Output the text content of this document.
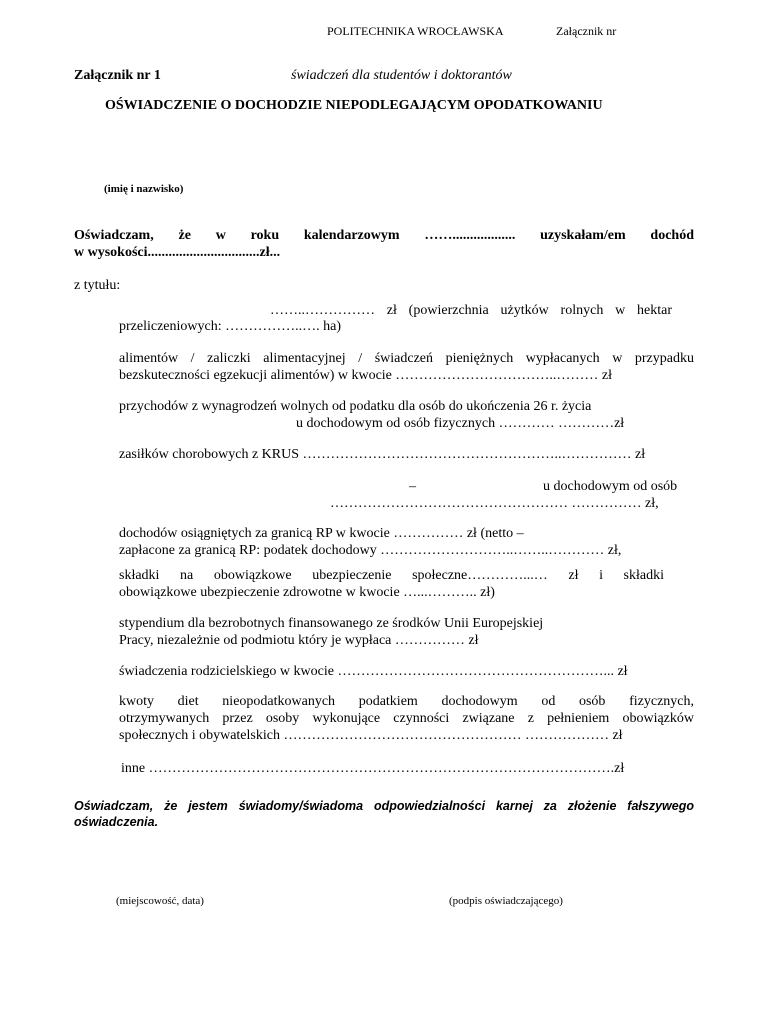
POLITECHNIKA WROCŁAWSKA	Załącznik nr
Załącznik nr 1	świadczeń dla studentów i doktorantów
OŚWIADCZENIE O DOCHODZIE NIEPODLEGAJĄCYM OPODATKOWANIU
(imię i nazwisko)
Oświadczam, że w roku kalendarzowym …….................. uzyskałam/em dochód
w wysokości................................zł...
z tytułu:
……..…………… zł (powierzchnia użytków rolnych w hektar
przeliczeniowych: ……………..…. ha)
alimentów / zaliczki alimentacyjnej / świadczeń pieniężnych wypłacanych w przypadku
bezskuteczności egzekucji alimentów) w kwocie ……………………………..……… zł
przychodów z wynagrodzeń wolnych od podatku dla osób do ukończenia 26 r. życia
u dochodowym od osób fizycznych ………… …………zł
zasiłków chorobowych z KRUS ………………………………………………..…………… zł
–	u dochodowym od osób
…………………………………………… …………… zł,
dochodów osiągniętych za granicą RP w kwocie …………… zł (netto –
zapłacone za granicą RP: podatek dochodowy ………………………..……..………… zł,
składki na obowiązkowe ubezpieczenie społeczne…………...… zł i składki
obowiązkowe ubezpieczenie zdrowotne w kwocie …...……….. zł)
stypendium dla bezrobotnych finansowanego ze środków Unii Europejskiej
Pracy, niezależnie od podmiotu który je wypłaca …………… zł
świadczenia rodzicielskiego w kwocie …………………………………………………... zł
kwoty diet nieopodatkowanych podatkiem dochodowym od osób fizycznych,
otrzymywanych przez osoby wykonujące czynności związane z pełnieniem obowiązków
społecznych i obywatelskich …………………………………………… ……………… zł
inne ……………………………………………………………………………………….zł
Oświadczam, że jestem świadomy/świadoma odpowiedzialności karnej za złożenie fałszywego
oświadczenia.
(miejscowość, data)	(podpis oświadczającego)
